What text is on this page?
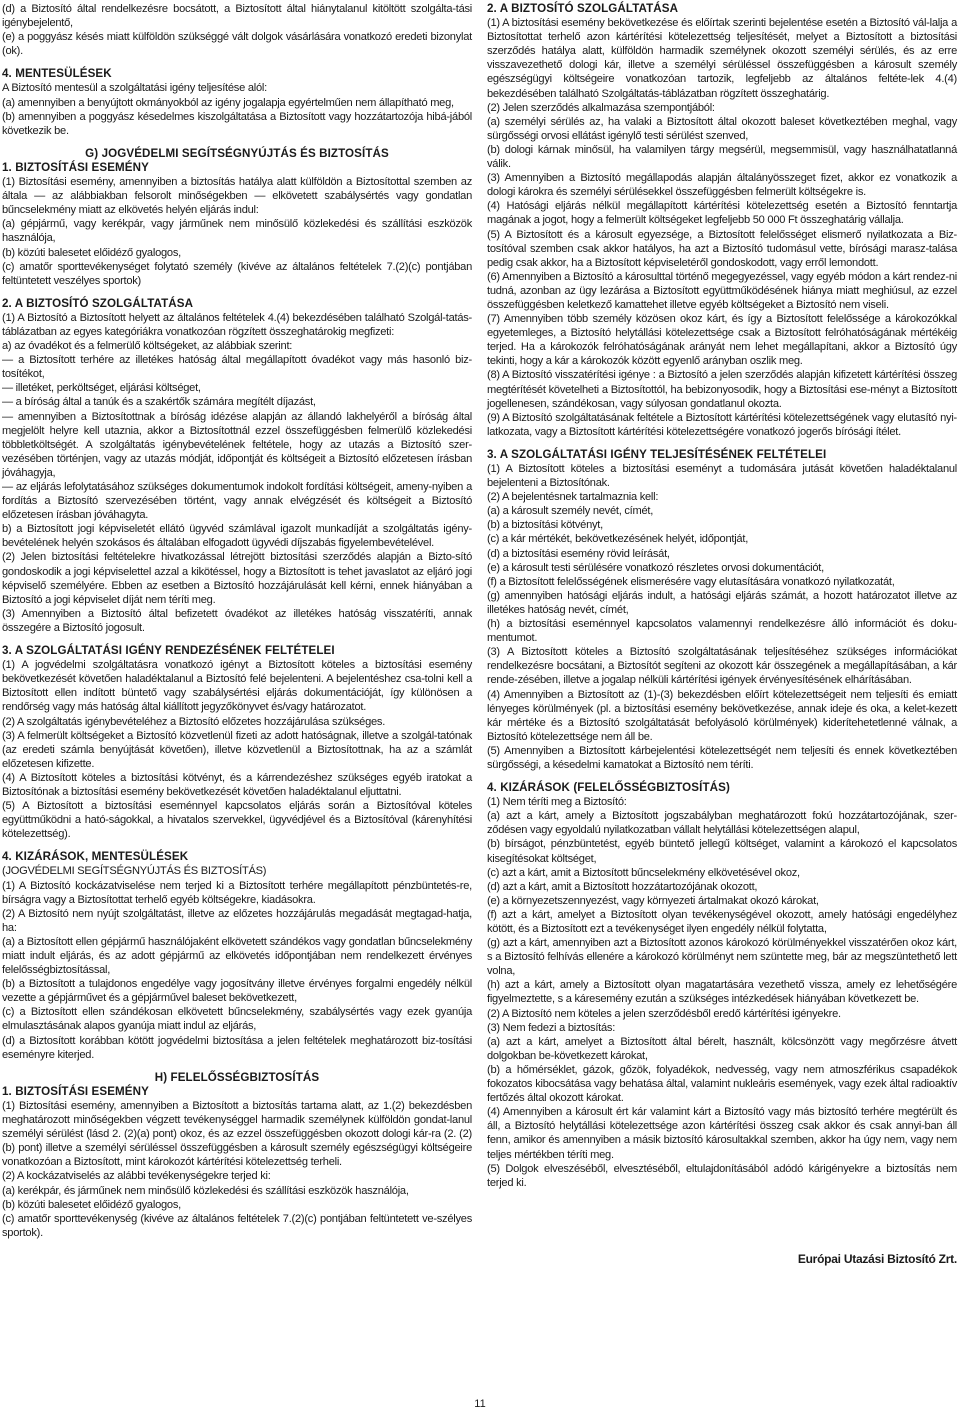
(d) a Biztosító által rendelkezésre bocsátott, a Biztosított által hiánytalanul kitöltött szolgálta-tási igénybejelentő,

(e) a poggyász késés miatt külföldön szükséggé vált dolgok vásárlására vonatkozó eredeti bizonylat (ok).

4. MENTESÜLÉSEK

A Biztosító mentesül a szolgáltatási igény teljesítése alól:

(a) amennyiben a benyújtott okmányokból az igény jogalapja egyértelműen nem állapítható meg,

(b) amennyiben a poggyász késedelmes kiszolgáltatása a Biztosított vagy hozzátartozója hibá-jából következik be.

G) JOGVÉDELMI SEGÍTSÉGNYÚJTÁS ÉS BIZTOSÍTÁS

1. BIZTOSÍTÁSI ESEMÉNY

(1) Biztosítási esemény, amennyiben a biztosítás hatálya alatt külföldön a Biztosítottal szemben az általa — az alábbiakban felsorolt minőségekben — elkövetett szabálysértés vagy gondatlan bűncselekmény miatt az elkövetés helyén eljárás indul:

(a) gépjármű, vagy kerékpár, vagy járműnek nem minősülő közlekedési és szállítási eszközök használója,

(b) közúti balesetet előidéző gyalogos,

(c) amatőr sporttevékenységet folytató személy (kivéve az általános feltételek 7.(2)(c) pontjában feltüntetett veszélyes sportok)

2. A BIZTOSÍTÓ SZOLGÁLTATÁSA

(1) A Biztosító a Biztosított helyett az általános feltételek 4.(4) bekezdésében található Szolgál-tatás-táblázatban az egyes kategóriákra vonatkozóan rögzített összeghatárokig megfizeti:

a) az óvadékot és a felmerülő költségeket, az alábbiak szerint:

— a Biztosított terhére az illetékes hatóság által megállapított óvadékot vagy más hasonló biz-tosítékot,

— illetéket, perköltséget, eljárási költséget,

— a bíróság által a tanúk és a szakértők számára megítélt díjazást,

— amennyiben a Biztosítottnak a bíróság idézése alapján az állandó lakhelyéről a bíróság által megjelölt helyre kell utaznia, akkor a Biztosítottnál ezzel összefüggésben felmerülő közlekedési többletköltségét. A szolgáltatás igénybevételének feltétele, hogy az utazás a Biztosító szer-vezésében történjen, vagy az utazás módját, időpontját és költségeit a Biztosító előzetesen írásban jóváhagyja,

— az eljárás lefolytatásához szükséges dokumentumok indokolt fordítási költségeit, ameny-nyiben a fordítás a Biztosító szervezésében történt, vagy annak elvégzését és költségeit a Biztosító előzetesen írásban jóváhagyta.

b) a Biztosított jogi képviseletét ellátó ügyvéd számlával igazolt munkadíját a szolgáltatás igény-bevételének helyén szokásos és általában elfogadott ügyvédi díjszabás figyelembevételével.

(2) Jelen biztosítási feltételekre hivatkozással létrejött biztosítási szerződés alapján a Bizto-sító gondoskodik a jogi képviselettel azzal a kikötéssel, hogy a Biztosított is tehet javaslatot az eljáró jogi képviselő személyére. Ebben az esetben a Biztosító hozzájárulását kell kérni, ennek hiányában a Biztosító a jogi képviselet díját nem téríti meg.

(3) Amennyiben a Biztosító által befizetett óvadékot az illetékes hatóság visszatéríti, annak összegére a Biztosító jogosult.

3. A SZOLGÁLTATÁSI IGÉNY RENDEZÉSÉNEK FELTÉTELEI

(1) A jogvédelmi szolgáltatásra vonatkozó igényt a Biztosított köteles a biztosítási esemény bekövetkezését követően haladéktalanul a Biztosító felé bejelenteni. A bejelentéshez csa-tolni kell a Biztosított ellen indított büntető vagy szabálysértési eljárás dokumentációját, így különösen a rendőrség vagy más hatóság által kiállított jegyzőkönyvet és/vagy határozatot.

(2) A szolgáltatás igénybevételéhez a Biztosító előzetes hozzájárulása szükséges.

(3) A felmerült költségeket a Biztosító közvetlenül fizeti az adott hatóságnak, illetve a szolgál-tatónak (az eredeti számla benyújtását követően), illetve közvetlenül a Biztosítottnak, ha az a számlát előzetesen kifizette.

(4) A Biztosított köteles a biztosítási kötvényt, és a kárrendezéshez szükséges egyéb iratokat a Biztosítónak a biztosítási esemény bekövetkezését követően haladéktalanul eljuttatni.

(5) A Biztosított a biztosítási eseménnyel kapcsolatos eljárás során a Biztosítóval köteles együttműködni a ható-ságokkal, a hivatalos szervekkel, ügyvédjével és a Biztosítóval (kárenyhítési kötelezettség).

4. KIZÁRÁSOK, MENTESÜLÉSEK

(JOGVÉDELMI SEGÍTSÉGNYÚJTÁS ÉS BIZTOSÍTÁS)

(1) A Biztosító kockázatviselése nem terjed ki a Biztosított terhére megállapított pénzbüntetés-re, bírságra vagy a Biztosítottat terhelő egyéb költségekre, kiadásokra.

(2) A Biztosító nem nyújt szolgáltatást, illetve az előzetes hozzájárulás megadását megtagad-hatja, ha:

(a) a Biztosított ellen gépjármű használójaként elkövetett szándékos vagy gondatlan bűncselekmény miatt indult eljárás, és az adott gépjármű az elkövetés időpontjában nem rendelkezett érvényes felelősségbiztosítással,

(b) a Biztosított a tulajdonos engedélye vagy jogosítvány illetve érvényes forgalmi engedély nélkül vezette a gépjárművet és a gépjárművel baleset bekövetkezett,

(c) a Biztosított ellen szándékosan elkövetett bűncselekmény, szabálysértés vagy ezek gyanúja elmulasztásának alapos gyanúja miatt indul az eljárás,

(d) a Biztosított korábban kötött jogvédelmi biztosítása a jelen feltételek meghatározott biz-tosítási eseményre kiterjed.

H) FELELŐSSÉGBIZTOSÍTÁS

1. BIZTOSÍTÁSI ESEMÉNY

(1) Biztosítási esemény, amennyiben a Biztosított a biztosítás tartama alatt, az 1.(2) bekezdésben meghatározott minőségekben végzett tevékenységgel harmadik személynek külföldön gondat-lanul személyi sérülést (lásd 2. (2)(a) pont) okoz, és az ezzel összefüggésben okozott dologi kár-ra (2. (2)(b) pont) illetve a személyi sérüléssel összefüggésben a károsult személy egészségügyi költségeire vonatkozóan a Biztosított, mint károkozót kártérítési kötelezettség terheli.

(2) A kockázatviselés az alábbi tevékenységekre terjed ki:

(a) kerékpár, és járműnek nem minősülő közlekedési és szállítási eszközök használója,

(b) közúti balesetet előidéző gyalogos,

(c) amatőr sporttevékenység (kivéve az általános feltételek 7.(2)(c) pontjában feltüntetett ve-szélyes sportok).

2. A BIZTOSÍTÓ SZOLGÁLTATÁSA

(1) A biztosítási esemény bekövetkezése és előírtak szerinti bejelentése esetén a Biztosító vál-lalja a Biztosítottat terhelő azon kártérítési kötelezettség teljesítését, melyet a Biztosított a biztosítási szerződés hatálya alatt, külföldön harmadik személynek okozott személyi sérülés, és az erre visszavezethető dologi kár, illetve a személyi sérüléssel összefüggésben a károsult személy egészségügyi költségeire vonatkozóan tartozik, legfeljebb az általános feltéte-lek 4.(4) bekezdésében található Szolgáltatás-táblázatban rögzített összeghatárig.

(2) Jelen szerződés alkalmazása szempontjából:

(a) személyi sérülés az, ha valaki a Biztosított által okozott baleset következtében meghal, vagy sürgősségi orvosi ellátást igénylő testi sérülést szenved,

(b) dologi kárnak minősül, ha valamilyen tárgy megsérül, megsemmisül, vagy használhatatlanná válik.

(3) Amennyiben a Biztosító megállapodás alapján általányösszeget fizet, akkor ez vonatkozik a dologi károkra és személyi sérülésekkel összefüggésben felmerült költségekre is.

(4) Hatósági eljárás nélkül megállapított kártérítési kötelezettség esetén a Biztosító fenntartja magának a jogot, hogy a felmerült költségeket legfeljebb 50 000 Ft összeghatárig vállalja.

(5) A Biztosított és a károsult egyezsége, a Biztosított felelősséget elismerő nyilatkozata a Biz-tosítóval szemben csak akkor hatályos, ha azt a Biztosító tudomásul vette, bírósági marasz-talása pedig csak akkor, ha a Biztosított képviseletéről gondoskodott, vagy erről lemondott.

(6) Amennyiben a Biztosító a károsulttal történő megegyezéssel, vagy egyéb módon a kárt rendez-ni tudná, azonban az ügy lezárása a Biztosított együttműködésének hiánya miatt meghiúsul, az ezzel összefüggésben keletkező kamattehet illetve egyéb költségeket a Biztosító nem viseli.

(7) Amennyiben több személy közösen okoz kárt, és így a Biztosított felelőssége a károkozókkal egyetemleges, a Biztosító helytállási kötelezettsége csak a Biztosított felróhatóságának mértékéig terjed. Ha a károkozók felróhatóságának arányát nem lehet megállapítani, akkor a Biztosító úgy tekinti, hogy a kár a károkozók között egyenlő arányban oszlik meg.

(8) A Biztosító visszatérítési igénye : a Biztosító a jelen szerződés alapján kifizetett kártérítési összeg megtérítését követelheti a Biztosítottól, ha bebizonyosodik, hogy a Biztosítási ese-ményt a Biztosított jogellenesen, szándékosan, vagy súlyosan gondatlanul okozta.

(9) A Biztosító szolgáltatásának feltétele a Biztosított kártérítési kötelezettségének vagy elutasító nyi-latkozata, vagy a Biztosított kártérítési kötelezettségére vonatkozó jogerős bírósági ítélet.

3. A SZOLGÁLTATÁSI IGÉNY TELJESÍTÉSÉNEK FELTÉTELEI

(1) A Biztosított köteles a biztosítási eseményt a tudomására jutását követően haladéktalanul bejelenteni a Biztosítónak.

(2) A bejelentésnek tartalmaznia kell:

(a) a károsult személy nevét, címét,

(b) a biztosítási kötvényt,

(c) a kár mértékét, bekövetkezésének helyét, időpontját,

(d) a biztosítási esemény rövid leírását,

(e) a károsult testi sérülésére vonatkozó részletes orvosi dokumentációt,

(f) a Biztosított felelősségének elismerésére vagy elutasítására vonatkozó nyilatkozatát,

(g) amennyiben hatósági eljárás indult, a hatósági eljárás számát, a hozott határozatot illetve az illetékes hatóság nevét, címét,

(h) a biztosítási eseménnyel kapcsolatos valamennyi rendelkezésre álló információt és doku-mentumot.

(3) A Biztosított köteles a Biztosító szolgáltatásának teljesítéséhez szükséges információkat rendelkezésre bocsátani, a Biztosítót segíteni az okozott kár összegének a megállapításában, a kár rende-zésében, illetve a jogalap nélküli kártérítési igények érvényesítésének elhárításában.

(4) Amennyiben a Biztosított az (1)-(3) bekezdésben előírt kötelezettségeit nem teljesíti és emiatt lényeges körülmények (pl. a biztosítási esemény bekövetkezése, annak ideje és oka, a kelet-kezett kár mértéke és a Biztosító szolgáltatását befolyásoló körülmények) kiderítehetetlenné válnak, a Biztosító kötelezettsége nem áll be.

(5) Amennyiben a Biztosított kárbejelentési kötelezettségét nem teljesíti és ennek következtében sürgősségi, a késedelmi kamatokat a Biztosító nem téríti.

4. KIZÁRÁSOK (FELELŐSSÉGBIZTOSÍTÁS)

(1) Nem téríti meg a Biztosító:

(a) azt a kárt, amely a Biztosított jogszabályban meghatározott fokú hozzátartozójának, szer-ződésen vagy egyoldalú nyilatkozatban vállalt helytállási kötelezettségen alapul,

(b) bírságot, pénzbüntetést, egyéb büntető jellegű költséget, valamint a károkozó el kapcsolatos kisegítésokat költséget,

(c) azt a kárt, amit a Biztosított bűncselekmény elkövetésével okoz,

(d) azt a kárt, amit a Biztosított hozzátartozójának okozott,

(e) a környezetszennyezést, vagy környezeti ártalmakat okozó károkat,

(f) azt a kárt, amelyet a Biztosított olyan tevékenységével okozott, amely hatósági engedélyhez kötött, és a Biztosított ezt a tevékenységet ilyen engedély nélkül folytatta,

(g) azt a kárt, amennyiben azt a Biztosított azonos károkozó körülményekkel visszatérően okoz kárt, s a Biztosító felhívás ellenére a károkozó körülményt nem szüntette meg, bár az megszüntethető lett volna,

(h) azt a kárt, amely a Biztosított olyan magatartására vezethető vissza, amely ez lehetőségére figyelmeztette, s a káresemény ezután a szükséges intézkedések hiányában következett be.

(2) A Biztosító nem köteles a jelen szerződésből eredő kártérítési igényekre.

(3) Nem fedezi a biztosítás:

(a) azt a kárt, amelyet a Biztosított által bérelt, használt, kölcsönzött vagy megőrzésre átvett dolgokban be-következett károkat,

(b) a hőmérséklet, gázok, gőzök, folyadékok, nedvesség, vagy nem atmoszférikus csapadékok fokozatos kibocsátása vagy behatása által, valamint nukleáris események, vagy ezek által radioaktív fertőzés által okozott károkat.

(4) Amennyiben a károsult ért kár valamint kárt a Biztosító vagy más biztosító terhére megtérült és áll, a Biztosító helytállási kötelezettsége azon kártérítési összeg csak akkor és csak annyi-ban áll fenn, amikor és amennyiben a másik biztosító károsultakkal szemben, akkor ha úgy nem, vagy nem teljes mértékben téríti meg.

(5) Dolgok elveszéséből, elvesztéséből, eltulajdonításából adódó kárigényekre a biztosítás nem terjed ki.

Európai Utazási Biztosító Zrt.

11
